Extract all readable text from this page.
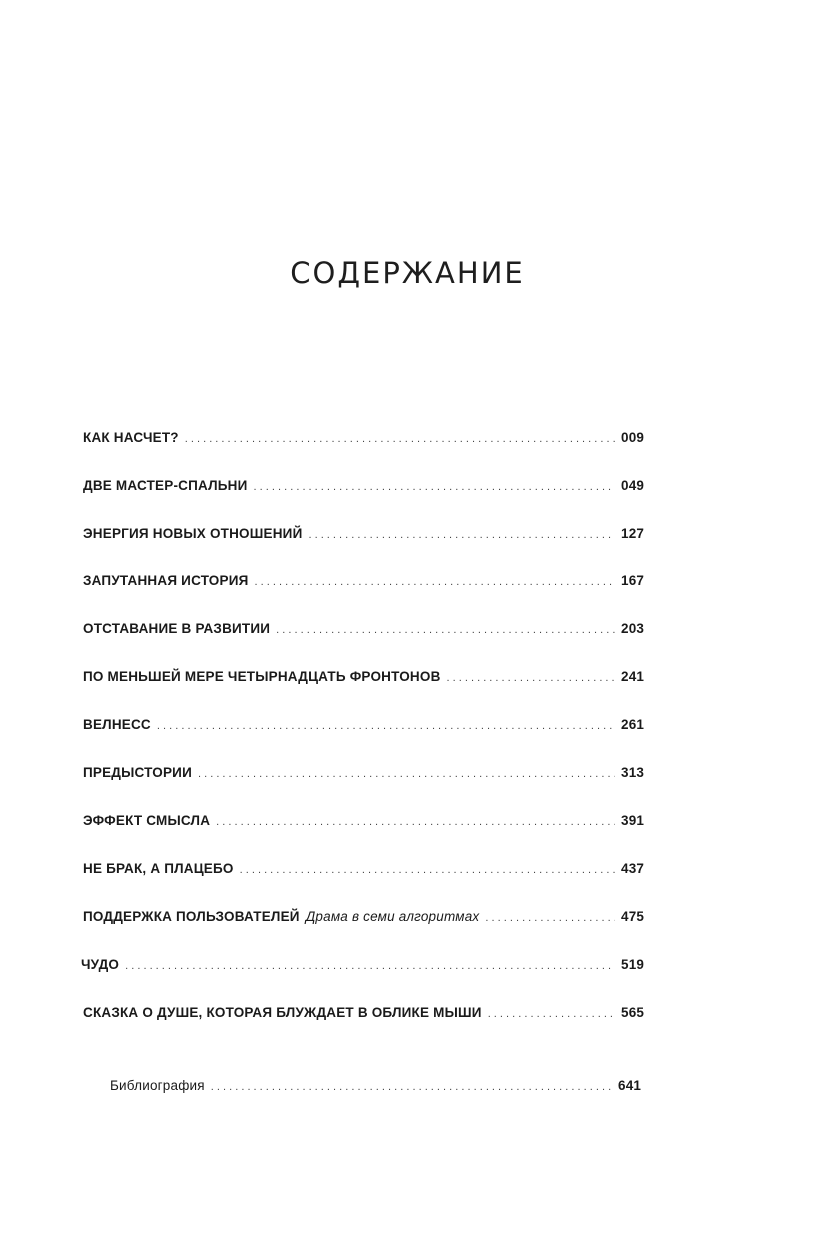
СОДЕРЖАНИЕ
КАК НАСЧЕТ? . . .	009
ДВЕ МАСТЕР-СПАЛЬНИ . . .	049
ЭНЕРГИЯ НОВЫХ ОТНОШЕНИЙ . . .	127
ЗАПУТАННАЯ ИСТОРИЯ . . .	167
ОТСТАВАНИЕ В РАЗВИТИИ . . .	203
ПО МЕНЬШЕЙ МЕРЕ ЧЕТЫРНАДЦАТЬ ФРОНТОНОВ . . .	241
ВЕЛНЕСС . . .	261
ПРЕДЫСТОРИИ . . .	313
ЭФФЕКТ СМЫСЛА . . .	391
НЕ БРАК, А ПЛАЦЕБО . . .	437
ПОДДЕРЖКА ПОЛЬЗОВАТЕЛЕЙ Драма в семи алгоритмах . . .	475
ЧУДО . . .	519
СКАЗКА О ДУШЕ, КОТОРАЯ БЛУЖДАЕТ В ОБЛИКЕ МЫШИ . . .	565
Библиография . . .	641
